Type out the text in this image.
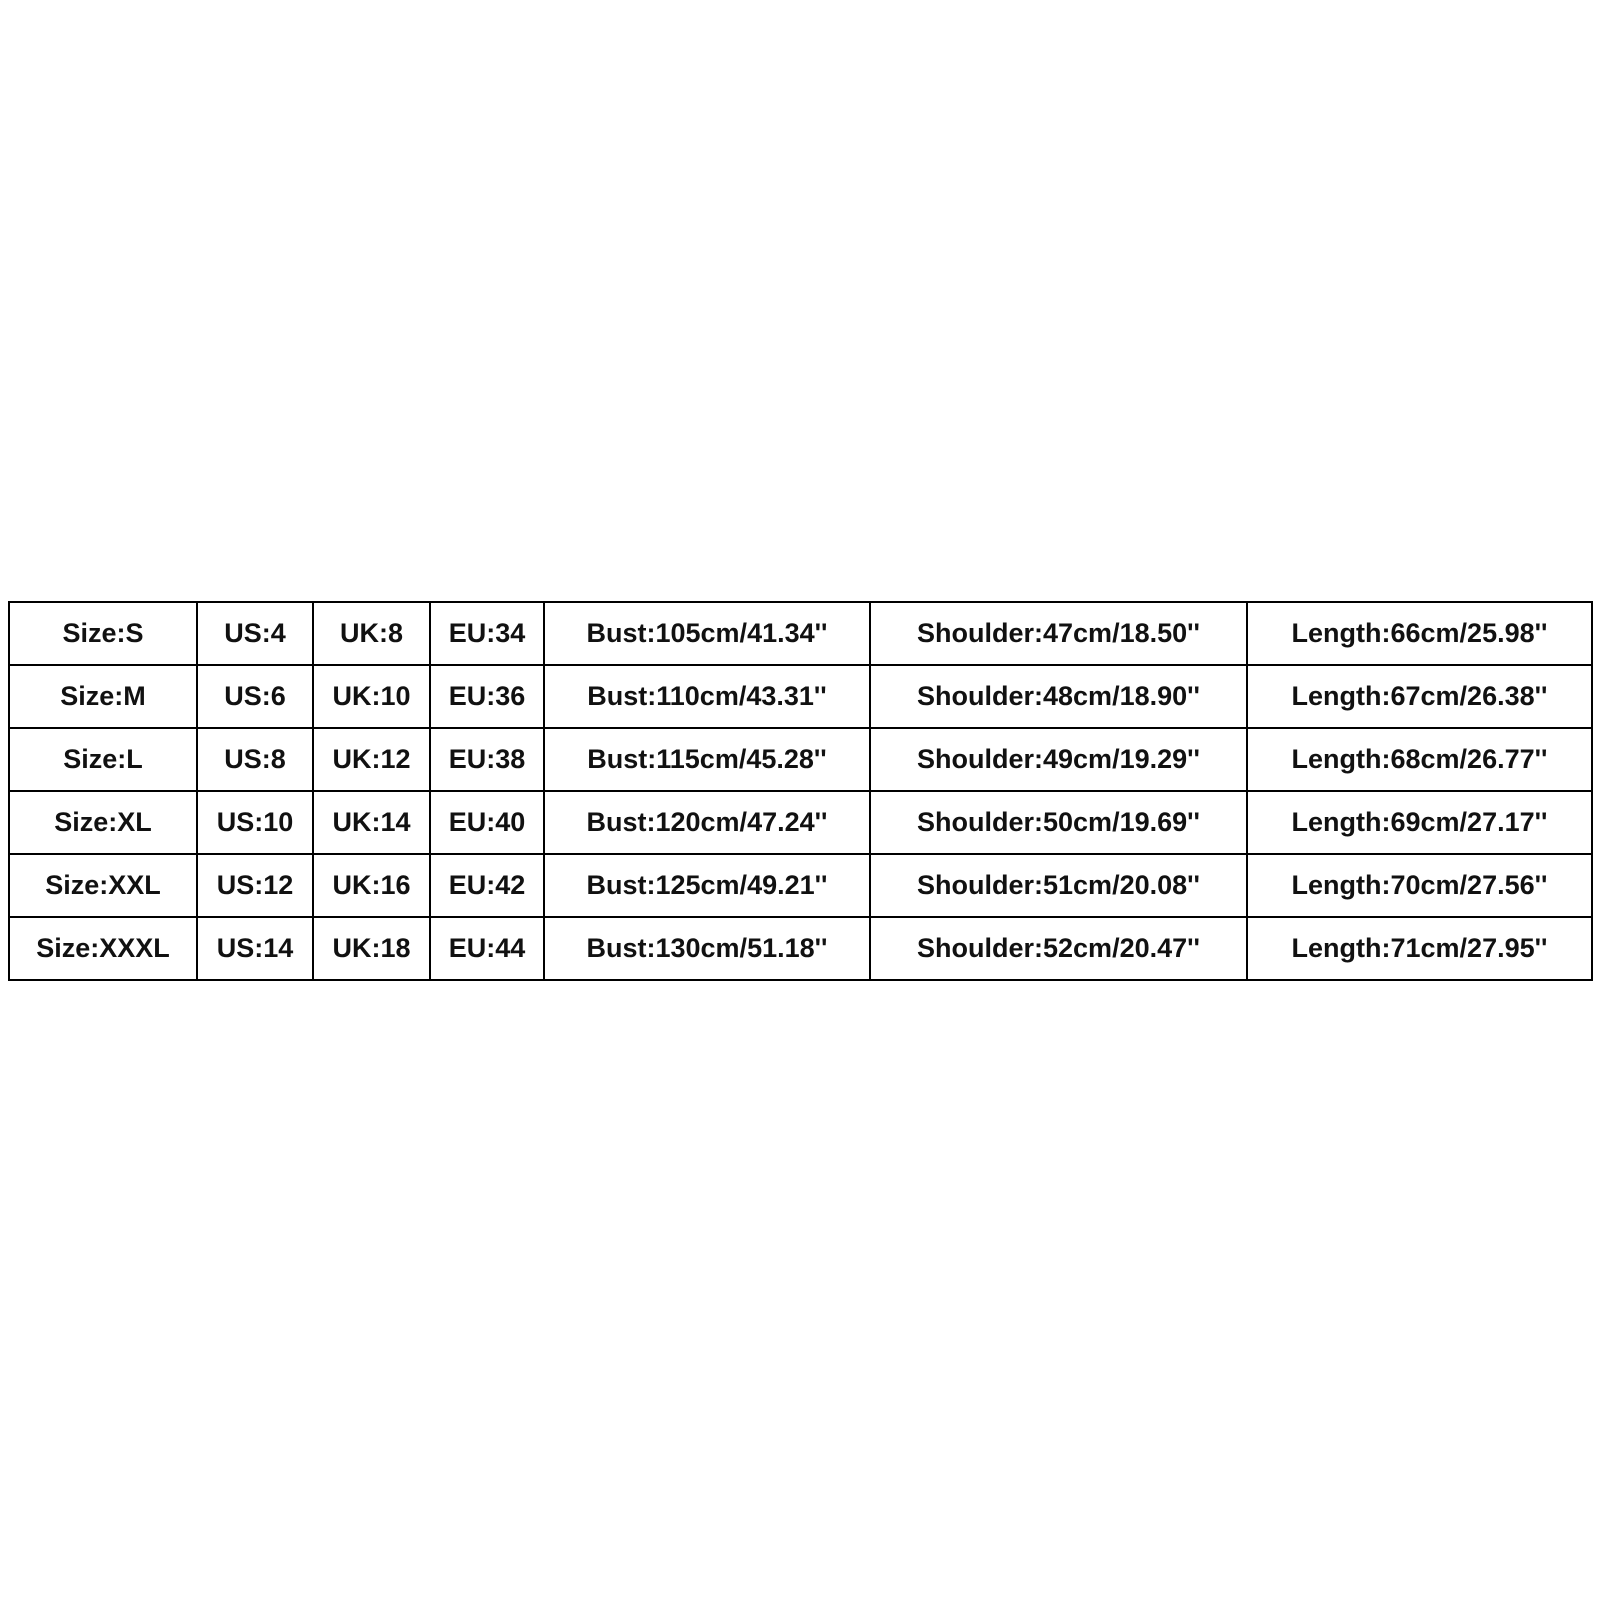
Size:S	US:4	UK:8	EU:34	Bust:105cm/41.34''	Shoulder:47cm/18.50''	Length:66cm/25.98''
Size:M	US:6	UK:10	EU:36	Bust:110cm/43.31''	Shoulder:48cm/18.90''	Length:67cm/26.38''
Size:L	US:8	UK:12	EU:38	Bust:115cm/45.28''	Shoulder:49cm/19.29''	Length:68cm/26.77''
Size:XL	US:10	UK:14	EU:40	Bust:120cm/47.24''	Shoulder:50cm/19.69''	Length:69cm/27.17''
Size:XXL	US:12	UK:16	EU:42	Bust:125cm/49.21''	Shoulder:51cm/20.08''	Length:70cm/27.56''
Size:XXXL	US:14	UK:18	EU:44	Bust:130cm/51.18''	Shoulder:52cm/20.47''	Length:71cm/27.95''
